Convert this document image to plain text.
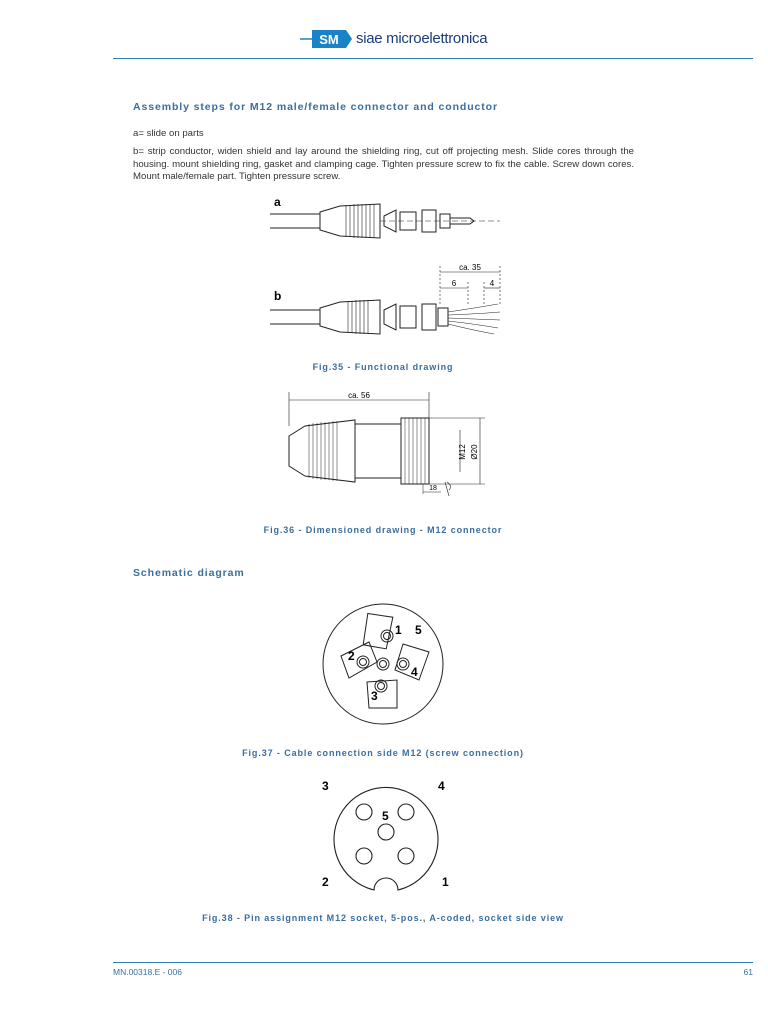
SM siae microelettronica
Assembly steps for M12 male/female connector and conductor
a= slide on parts
b= strip conductor, widen shield and lay around the shielding ring, cut off projecting mesh. Slide cores through the housing. mount shielding ring, gasket and clamping cage. Tighten pressure screw to fix the cable. Screw down cores. Mount male/female part. Tighten pressure screw.
a
b
ca. 35
6	4
Fig.35 - Functional drawing
ca. 56
M12 Ø20
18
Fig.36 - Dimensioned drawing - M12 connector
Schematic diagram
1
2
3
4
5
Fig.37 - Cable connection side M12 (screw connection)
1
2
3	4
5
Fig.38 - Pin assignment M12 socket, 5-pos., A-coded, socket side view
MN.00318.E - 006	61
